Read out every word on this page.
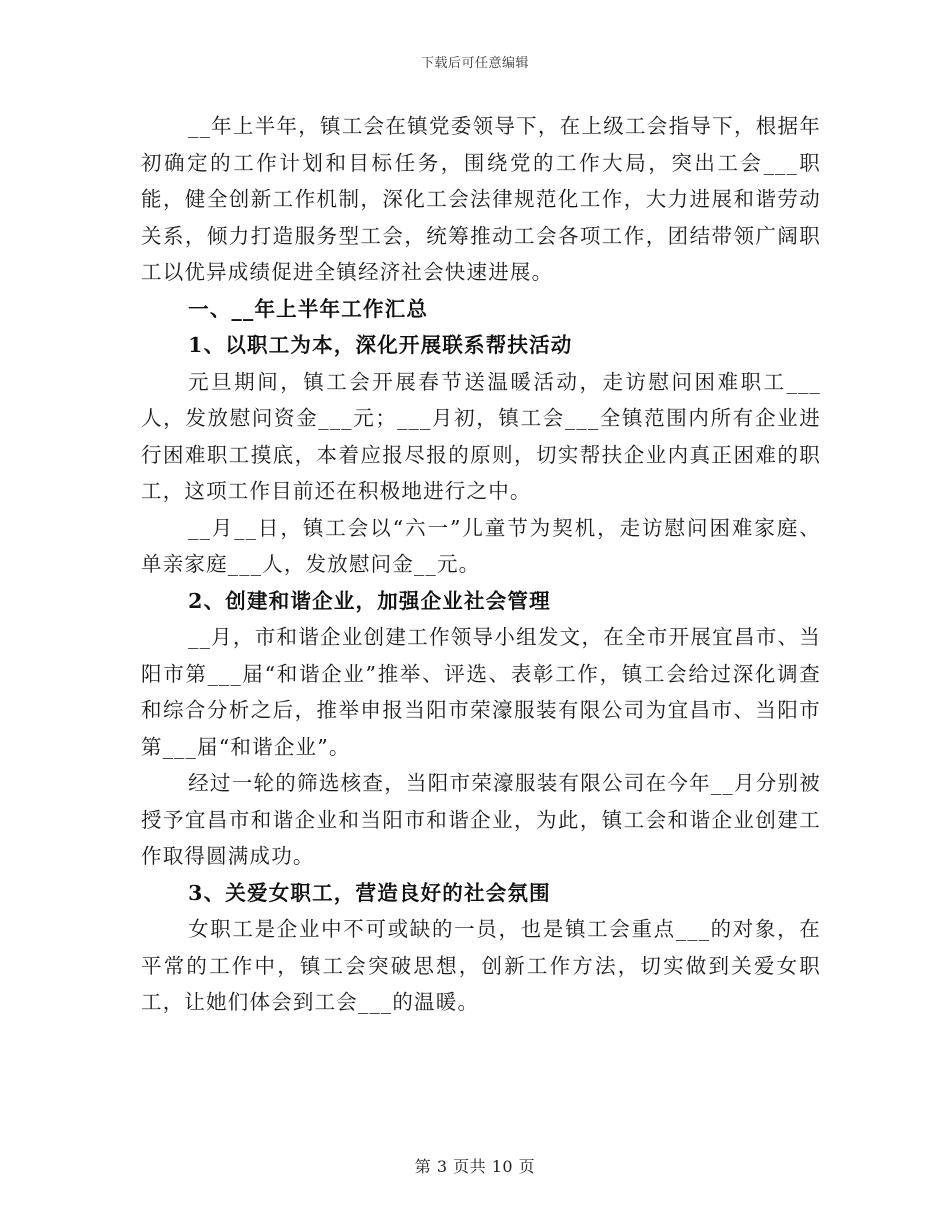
下载后可任意编辑

__年上半年，镇工会在镇党委领导下，在上级工会指导下，根据年初确定的工作计划和目标任务，围绕党的工作大局，突出工会___职能，健全创新工作机制，深化工会法律规范化工作，大力进展和谐劳动关系，倾力打造服务型工会，统筹推动工会各项工作，团结带领广阔职工以优异成绩促进全镇经济社会快速进展。

一、__年上半年工作汇总

1、以职工为本，深化开展联系帮扶活动

元旦期间，镇工会开展春节送温暖活动，走访慰问困难职工___人，发放慰问资金___元；___月初，镇工会___全镇范围内所有企业进行困难职工摸底，本着应报尽报的原则，切实帮扶企业内真正困难的职工，这项工作目前还在积极地进行之中。

__月__日，镇工会以“六一”儿童节为契机，走访慰问困难家庭、单亲家庭___人，发放慰问金__元。

2、创建和谐企业，加强企业社会管理

__月，市和谐企业创建工作领导小组发文，在全市开展宜昌市、当阳市第___届“和谐企业”推举、评选、表彰工作，镇工会给过深化调查和综合分析之后，推举申报当阳市荣濠服装有限公司为宜昌市、当阳市第___届“和谐企业”。

经过一轮的筛选核查，当阳市荣濠服装有限公司在今年__月分别被授予宜昌市和谐企业和当阳市和谐企业，为此，镇工会和谐企业创建工作取得圆满成功。

3、关爱女职工，营造良好的社会氛围

女职工是企业中不可或缺的一员，也是镇工会重点___的对象，在平常的工作中，镇工会突破思想，创新工作方法，切实做到关爱女职工，让她们体会到工会___的温暖。

第 3 页共 10 页
